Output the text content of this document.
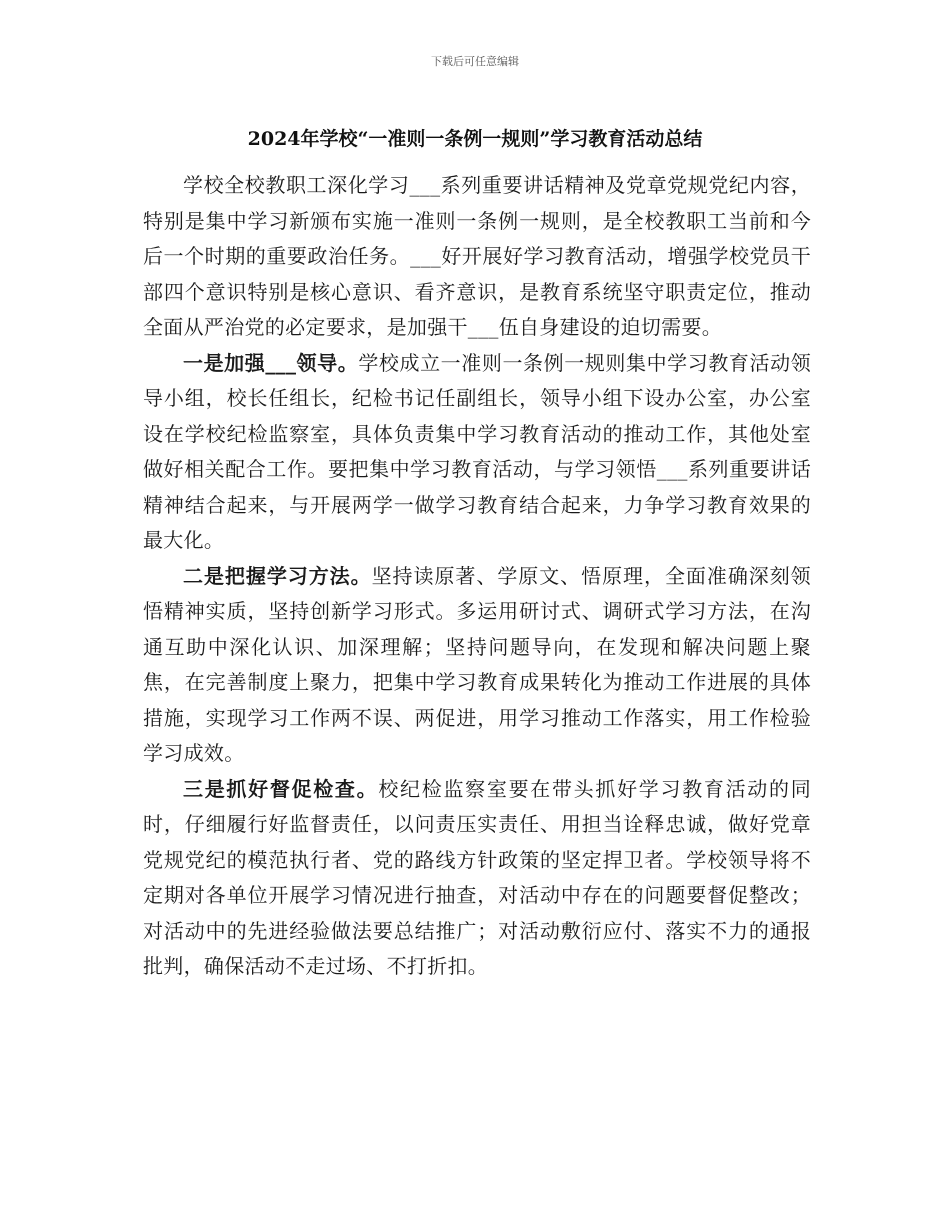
下载后可任意编辑
2024年学校“一准则一条例一规则”学习教育活动总结

学校全校教职工深化学习___系列重要讲话精神及党章党规党纪内容，特别是集中学习新颁布实施一准则一条例一规则，是全校教职工当前和今后一个时期的重要政治任务。___好开展好学习教育活动，增强学校党员干部四个意识特别是核心意识、看齐意识，是教育系统坚守职责定位，推动全面从严治党的必定要求，是加强干___伍自身建设的迫切需要。

一是加强___领导。学校成立一准则一条例一规则集中学习教育活动领导小组，校长任组长，纪检书记任副组长，领导小组下设办公室，办公室设在学校纪检监察室，具体负责集中学习教育活动的推动工作，其他处室做好相关配合工作。要把集中学习教育活动，与学习领悟___系列重要讲话精神结合起来，与开展两学一做学习教育结合起来，力争学习教育效果的最大化。

二是把握学习方法。坚持读原著、学原文、悟原理，全面准确深刻领悟精神实质，坚持创新学习形式。多运用研讨式、调研式学习方法，在沟通互助中深化认识、加深理解；坚持问题导向，在发现和解决问题上聚焦，在完善制度上聚力，把集中学习教育成果转化为推动工作进展的具体措施，实现学习工作两不误、两促进，用学习推动工作落实，用工作检验学习成效。

三是抓好督促检查。校纪检监察室要在带头抓好学习教育活动的同时，仔细履行好监督责任，以问责压实责任、用担当诠释忠诚，做好党章党规党纪的模范执行者、党的路线方针政策的坚定捍卫者。学校领导将不定期对各单位开展学习情况进行抽查，对活动中存在的问题要督促整改；对活动中的先进经验做法要总结推广；对活动敷衍应付、落实不力的通报批判，确保活动不走过场、不打折扣。
